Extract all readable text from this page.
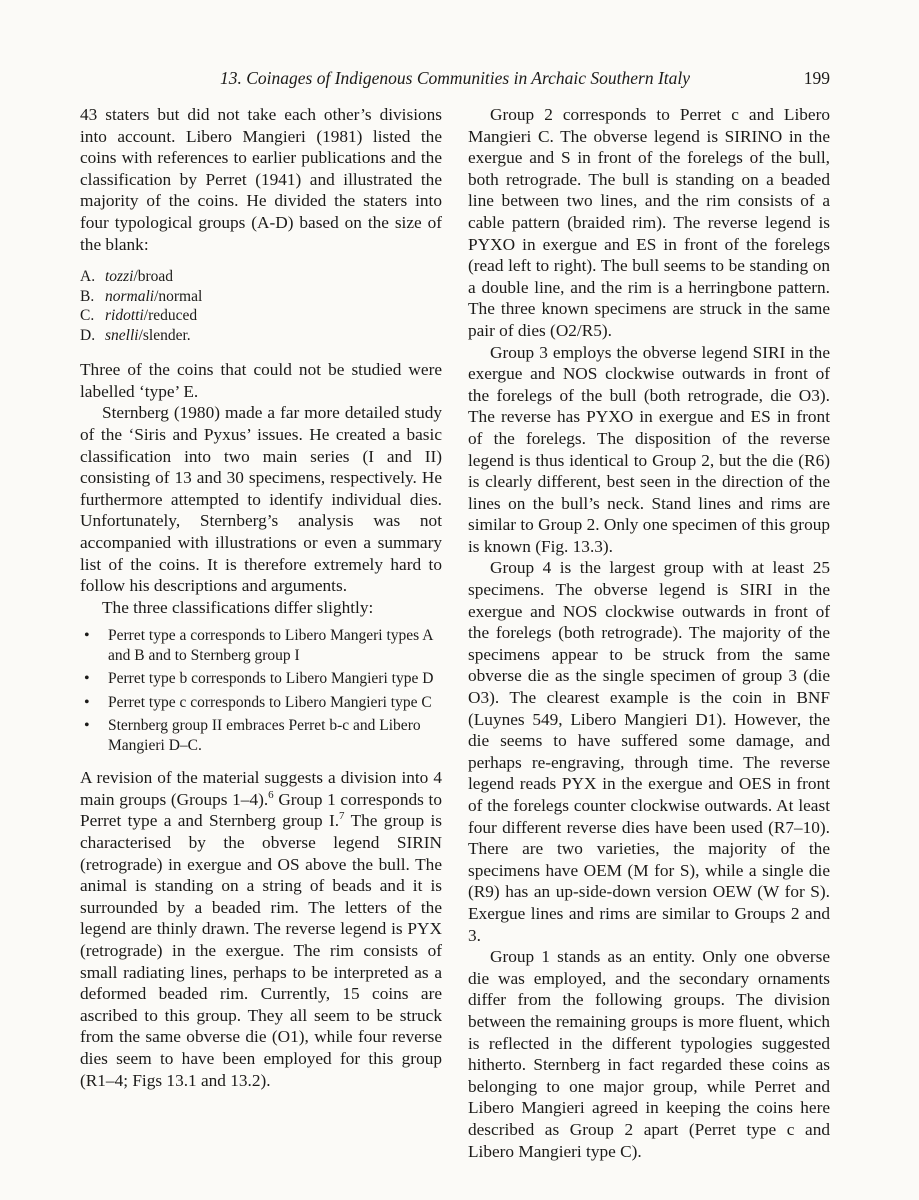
13. Coinages of Indigenous Communities in Archaic Southern Italy	199

43 staters but did not take each other’s divisions into account. Libero Mangieri (1981) listed the coins with references to earlier publications and the classification by Perret (1941) and illustrated the majority of the coins. He divided the staters into four typological groups (A-D) based on the size of the blank:

A. tozzi/broad
B. normali/normal
C. ridotti/reduced
D. snelli/slender.

Three of the coins that could not be studied were labelled ‘type’ E.

Sternberg (1980) made a far more detailed study of the ‘Siris and Pyxus’ issues. He created a basic classification into two main series (I and II) consisting of 13 and 30 specimens, respectively. He furthermore attempted to identify individual dies. Unfortunately, Sternberg’s analysis was not accompanied with illustrations or even a summary list of the coins. It is therefore extremely hard to follow his descriptions and arguments.

The three classifications differ slightly:

• Perret type a corresponds to Libero Mangeri types A and B and to Sternberg group I
• Perret type b corresponds to Libero Mangieri type D
• Perret type c corresponds to Libero Mangieri type C
• Sternberg group II embraces Perret b-c and Libero Mangieri D–C.

A revision of the material suggests a division into 4 main groups (Groups 1–4).$^6$ Group 1 corresponds to Perret type a and Sternberg group I.$^7$ The group is characterised by the obverse legend SIRIN (retrograde) in exergue and OS above the bull. The animal is standing on a string of beads and it is surrounded by a beaded rim. The letters of the legend are thinly drawn. The reverse legend is PYX (retrograde) in the exergue. The rim consists of small radiating lines, perhaps to be interpreted as a deformed beaded rim. Currently, 15 coins are ascribed to this group. They all seem to be struck from the same obverse die (O1), while four reverse dies seem to have been employed for this group (R1–4; Figs 13.1 and 13.2).

Group 2 corresponds to Perret c and Libero Mangieri C. The obverse legend is SIRINO in the exergue and S in front of the forelegs of the bull, both retrograde. The bull is standing on a beaded line between two lines, and the rim consists of a cable pattern (braided rim). The reverse legend is PYXO in exergue and ES in front of the forelegs (read left to right). The bull seems to be standing on a double line, and the rim is a herringbone pattern. The three known specimens are struck in the same pair of dies (O2/R5).

Group 3 employs the obverse legend SIRI in the exergue and NOS clockwise outwards in front of the forelegs of the bull (both retrograde, die O3). The reverse has PYXO in exergue and ES in front of the forelegs. The disposition of the reverse legend is thus identical to Group 2, but the die (R6) is clearly different, best seen in the direction of the lines on the bull’s neck. Stand lines and rims are similar to Group 2. Only one specimen of this group is known (Fig. 13.3).

Group 4 is the largest group with at least 25 specimens. The obverse legend is SIRI in the exergue and NOS clockwise outwards in front of the forelegs (both retrograde). The majority of the specimens appear to be struck from the same obverse die as the single specimen of group 3 (die O3). The clearest example is the coin in BNF (Luynes 549, Libero Mangieri D1). However, the die seems to have suffered some damage, and perhaps re-engraving, through time. The reverse legend reads PYX in the exergue and OES in front of the forelegs counter clockwise outwards. At least four different reverse dies have been used (R7–10). There are two varieties, the majority of the specimens have OEM (M for S), while a single die (R9) has an up-side-down version OEW (W for S). Exergue lines and rims are similar to Groups 2 and 3.

Group 1 stands as an entity. Only one obverse die was employed, and the secondary ornaments differ from the following groups. The division between the remaining groups is more fluent, which is reflected in the different typologies suggested hitherto. Sternberg in fact regarded these coins as belonging to one major group, while Perret and Libero Mangieri agreed in keeping the coins here described as Group 2 apart (Perret type c and Libero Mangieri type C).
